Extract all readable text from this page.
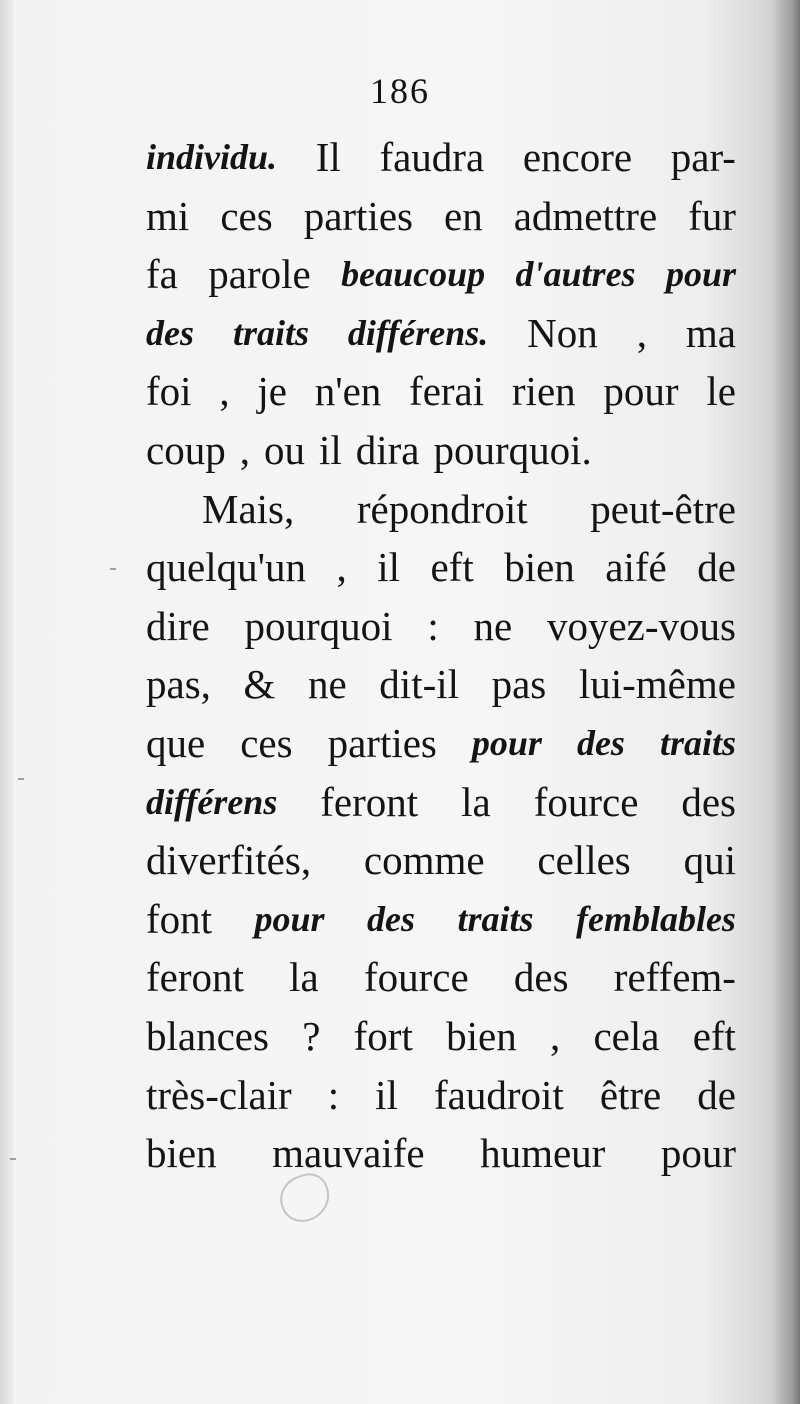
186
individu. Il faudra encore par-
mi ces parties en admettre fur
fa parole beaucoup d'autres pour
des traits différens. Non , ma
foi , je n'en ferai rien pour le
coup , ou il dira pourquoi.
Mais, répondroit peut-être
quelqu'un , il eft bien aifé de
dire pourquoi : ne voyez-vous
pas, & ne dit-il pas lui-même
que ces parties pour des traits
différens feront la fource des
diverfités, comme celles qui
font pour des traits femblables
feront la fource des reffem-
blances ? fort bien , cela eft
très-clair : il faudroit être de
bien mauvaife humeur pour
